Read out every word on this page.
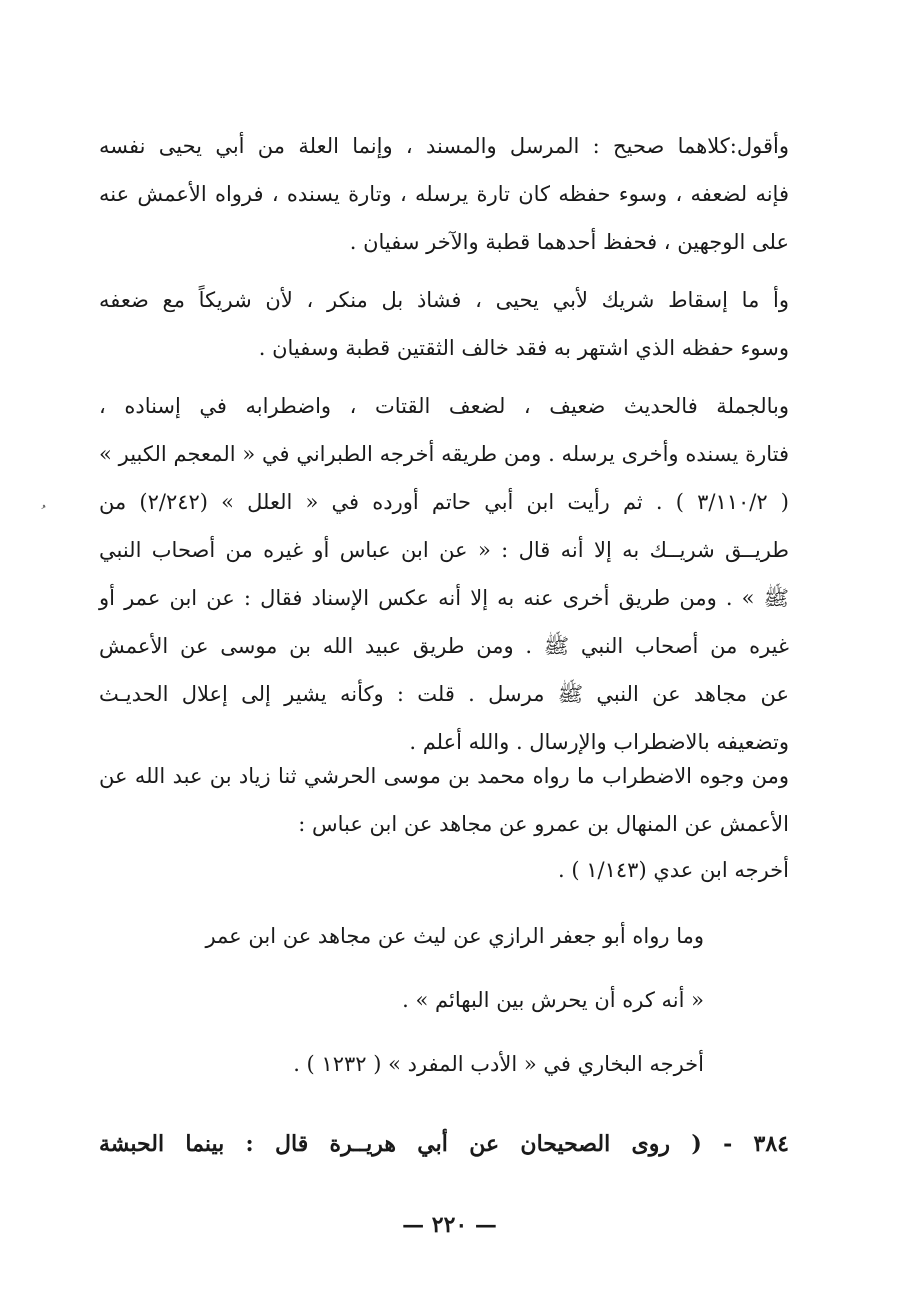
وأقول:كلاهما صحيح : المرسل والمسند ، وإنما العلة من أبي يحيى نفسه
فإنه لضعفه ، وسوء حفظه كان تارة يرسله ، وتارة يسنده ، فرواه الأعمش عنه
على الوجهين ، فحفظ أحدهما قطبة والآخر سفيان .

وأ ما إسقاط شريك لأبي يحيى ، فشاذ بل منكر ، لأن شريكاً مع ضعفه
وسوء حفظه الذي اشتهر به فقد خالف الثقتين قطبة وسفيان .

وبالجملة فالحديث ضعيف ، لضعف القتات ، واضطرابه في إسناده ،
فتارة يسنده وأخرى يرسله . ومن طريقه أخرجه الطبراني في « المعجم الكبير »
( ٣/١١٠/٢ ) . ثم رأيت ابن أبي حاتم أورده في « العلل » (٢/٢٤٢) من
طريــق شريــك به إلا أنه قال : « عن ابن عباس أو غيره من أصحاب النبي
ﷺ » . ومن طريق أخرى عنه به إلا أنه عكس الإسناد فقال : عن ابن عمر أو
غيره من أصحاب النبي ﷺ . ومن طريق عبيد الله بن موسى عن الأعمش
عن مجاهد عن النبي ﷺ مرسل . قلت : وكأنه يشير إلى إعلال الحديـث
وتضعيفه بالاضطراب والإرسال . والله أعلم .

ومن وجوه الاضطراب ما رواه محمد بن موسى الحرشي ثنا زياد بن عبد الله عن
الأعمش عن المنهال بن عمرو عن مجاهد عن ابن عباس :

أخرجه ابن عدي (١/١٤٣ ) .

وما رواه أبو جعفر الرازي عن ليث عن مجاهد عن ابن عمر

« أنه كره أن يحرش بين البهائم » .

أخرجه البخاري في « الأدب المفرد » ( ١٢٣٢ ) .

٣٨٤ - ( روى الصحيحان عن أبي هريــرة قال : بينما الحبشة

— ٢٢٠ —
